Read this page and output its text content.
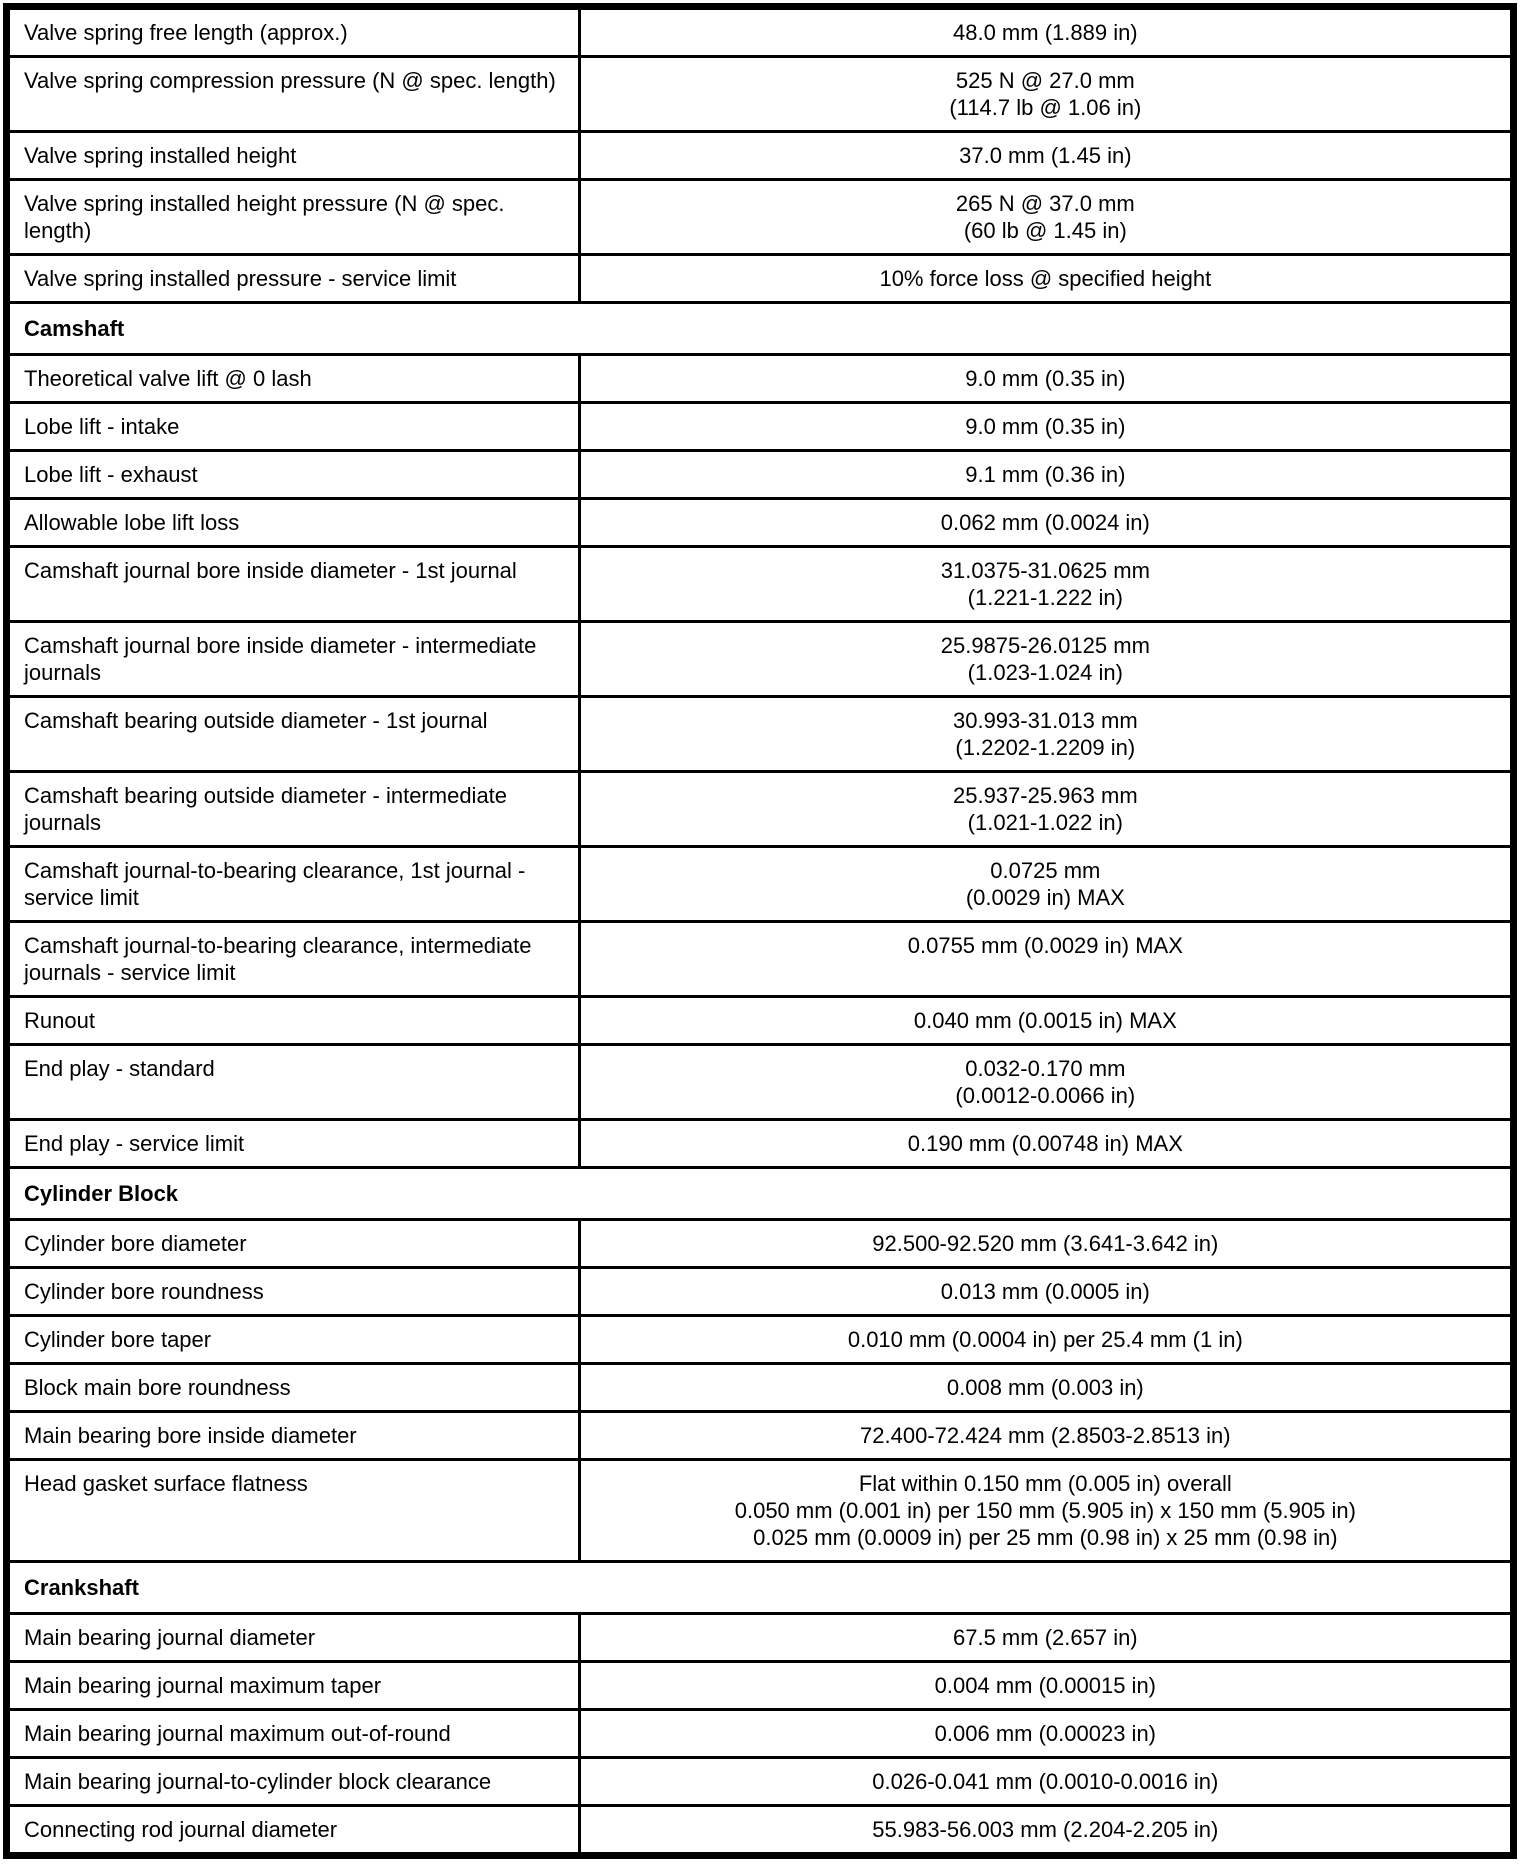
Valve spring free length (approx.)	48.0 mm (1.889 in)

Valve spring compression pressure (N @ spec. length)	525 N @ 27.0 mm
(114.7 lb @ 1.06 in)

Valve spring installed height	37.0 mm (1.45 in)

Valve spring installed height pressure (N @ spec. length)	265 N @ 37.0 mm
(60 lb @ 1.45 in)

Valve spring installed pressure - service limit	10% force loss @ specified height

Camshaft	
Theoretical valve lift @ 0 lash	9.0 mm (0.35 in)

Lobe lift - intake	9.0 mm (0.35 in)

Lobe lift - exhaust	9.1 mm (0.36 in)

Allowable lobe lift loss	0.062 mm (0.0024 in)

Camshaft journal bore inside diameter - 1st journal	31.0375-31.0625 mm
(1.221-1.222 in)

Camshaft journal bore inside diameter - intermediate journals	25.9875-26.0125 mm
(1.023-1.024 in)

Camshaft bearing outside diameter - 1st journal	30.993-31.013 mm
(1.2202-1.2209 in)

Camshaft bearing outside diameter - intermediate journals	25.937-25.963 mm
(1.021-1.022 in)

Camshaft journal-to-bearing clearance, 1st journal - service limit	0.0725 mm
(0.0029 in) MAX

Camshaft journal-to-bearing clearance, intermediate journals - service limit	0.0755 mm (0.0029 in) MAX

Runout	0.040 mm (0.0015 in) MAX

End play - standard	0.032-0.170 mm
(0.0012-0.0066 in)

End play - service limit	0.190 mm (0.00748 in) MAX

Cylinder Block	
Cylinder bore diameter	92.500-92.520 mm (3.641-3.642 in)

Cylinder bore roundness	0.013 mm (0.0005 in)

Cylinder bore taper	0.010 mm (0.0004 in) per 25.4 mm (1 in)

Block main bore roundness	0.008 mm (0.003 in)

Main bearing bore inside diameter	72.400-72.424 mm (2.8503-2.8513 in)

Head gasket surface flatness	Flat within 0.150 mm (0.005 in) overall
0.050 mm (0.001 in) per 150 mm (5.905 in) x 150 mm (5.905 in)
0.025 mm (0.0009 in) per 25 mm (0.98 in) x 25 mm (0.98 in)

Crankshaft	
Main bearing journal diameter	67.5 mm (2.657 in)

Main bearing journal maximum taper	0.004 mm (0.00015 in)

Main bearing journal maximum out-of-round	0.006 mm (0.00023 in)

Main bearing journal-to-cylinder block clearance	0.026-0.041 mm (0.0010-0.0016 in)

Connecting rod journal diameter	55.983-56.003 mm (2.204-2.205 in)
